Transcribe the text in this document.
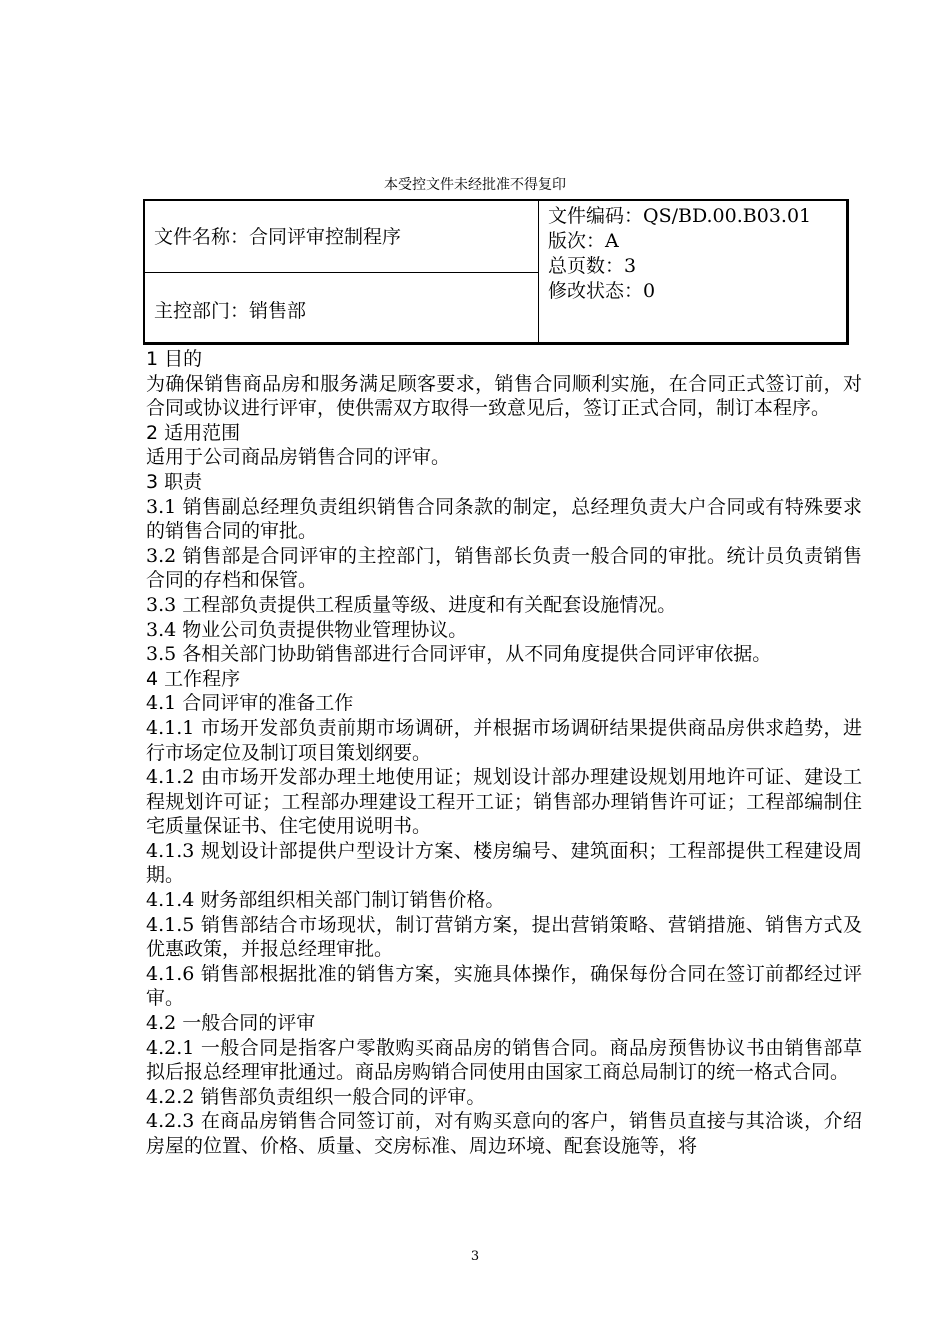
本受控文件未经批准不得复印
文件名称：合同评审控制程序
主控部门：销售部
文件编码：QS/BD.00.B03.01
版次：A
总页数：3
修改状态：0

1 目的

为确保销售商品房和服务满足顾客要求，销售合同顺利实施，在合同正式签订前，对合同或协议进行评审，使供需双方取得一致意见后，签订正式合同，制订本程序。

2 适用范围

适用于公司商品房销售合同的评审。

3 职责

3.1 销售副总经理负责组织销售合同条款的制定，总经理负责大户合同或有特殊要求的销售合同的审批。

3.2 销售部是合同评审的主控部门，销售部长负责一般合同的审批。统计员负责销售合同的存档和保管。

3.3 工程部负责提供工程质量等级、进度和有关配套设施情况。

3.4 物业公司负责提供物业管理协议。

3.5 各相关部门协助销售部进行合同评审，从不同角度提供合同评审依据。

4 工作程序

4.1 合同评审的准备工作

4.1.1 市场开发部负责前期市场调研，并根据市场调研结果提供商品房供求趋势，进行市场定位及制订项目策划纲要。

4.1.2 由市场开发部办理土地使用证；规划设计部办理建设规划用地许可证、建设工程规划许可证；工程部办理建设工程开工证；销售部办理销售许可证；工程部编制住宅质量保证书、住宅使用说明书。

4.1.3 规划设计部提供户型设计方案、楼房编号、建筑面积；工程部提供工程建设周期。

4.1.4 财务部组织相关部门制订销售价格。

4.1.5 销售部结合市场现状，制订营销方案，提出营销策略、营销措施、销售方式及优惠政策，并报总经理审批。

4.1.6 销售部根据批准的销售方案，实施具体操作，确保每份合同在签订前都经过评审。

4.2 一般合同的评审

4.2.1 一般合同是指客户零散购买商品房的销售合同。商品房预售协议书由销售部草拟后报总经理审批通过。商品房购销合同使用由国家工商总局制订的统一格式合同。

4.2.2 销售部负责组织一般合同的评审。

4.2.3 在商品房销售合同签订前，对有购买意向的客户，销售员直接与其洽谈，介绍房屋的位置、价格、质量、交房标准、周边环境、配套设施等，将

3
